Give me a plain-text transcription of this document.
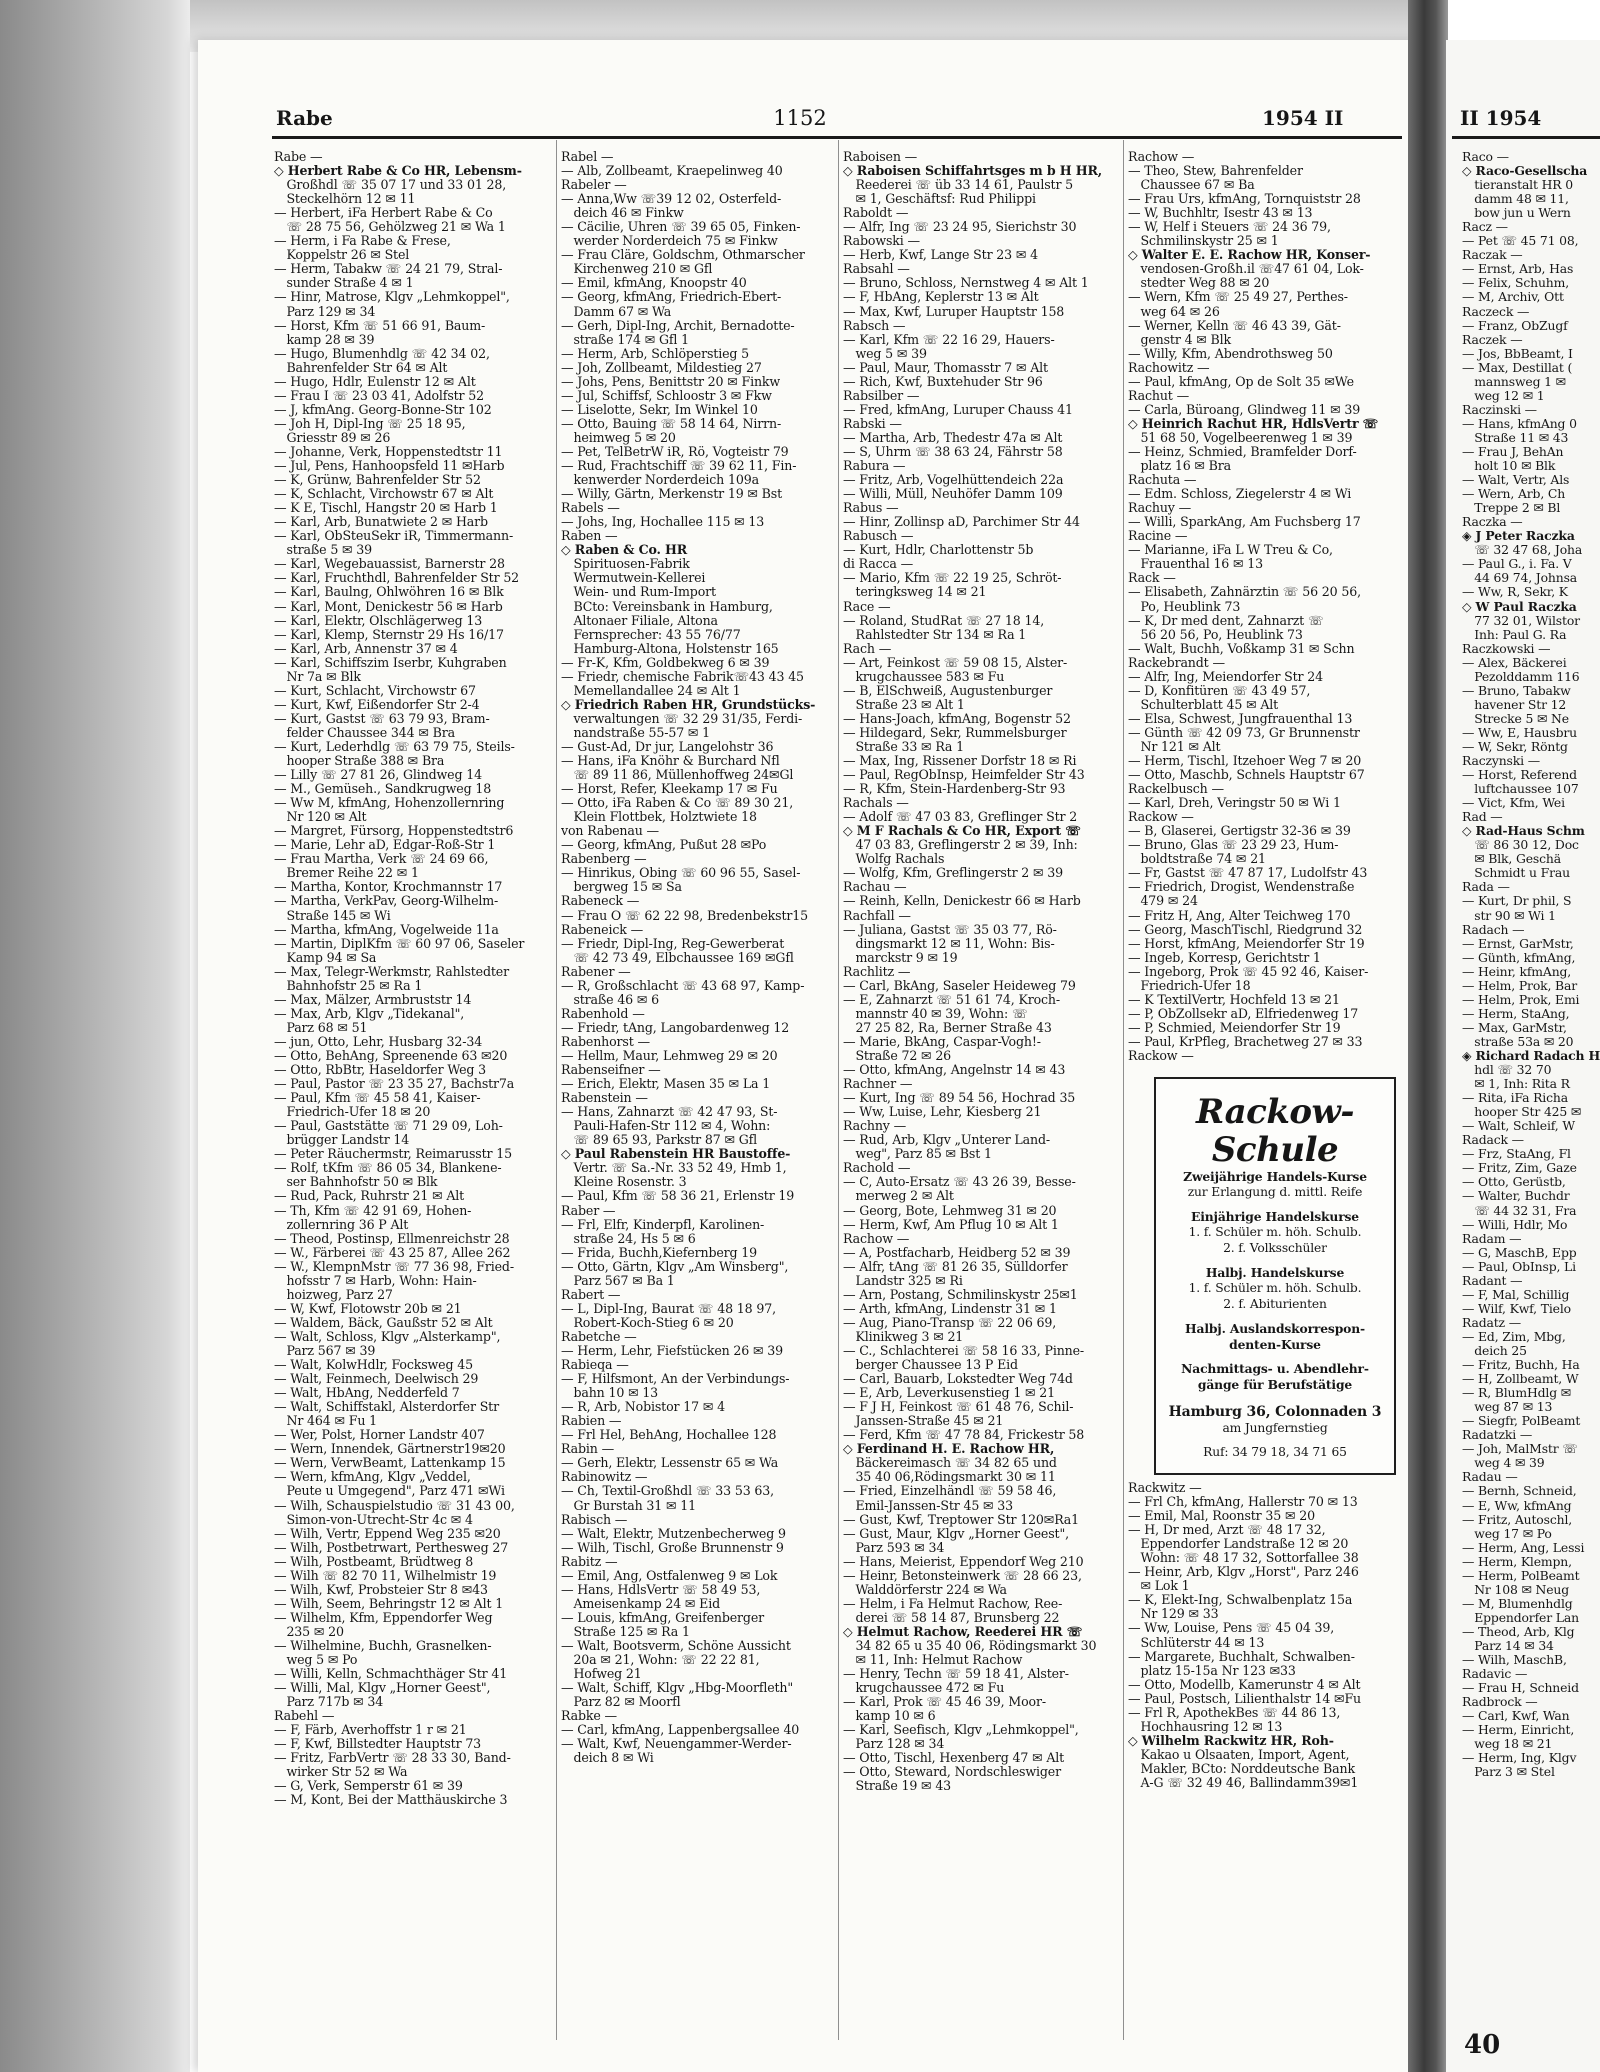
Rabe	1152	1954 II	II 1954
Rabe —
◇ Herbert Rabe & Co HR, Lebensm-
 Großhdl ☏ 35 07 17 und 33 01 28,
 Steckelhörn 12 ✉ 11
— Herbert, iFa Herbert Rabe & Co
 ☏ 28 75 56, Gehölzweg 21 ✉ Wa 1
— Herm, i Fa Rabe & Frese,
 Koppelstr 26 ✉ Stel
— Herm, Tabakw ☏ 24 21 79, Stral-
 sunder Straße 4 ✉ 1
— Hinr, Matrose, Klgv „Lehmkoppel",
 Parz 129 ✉ 34
— Horst, Kfm ☏ 51 66 91, Baum-
 kamp 28 ✉ 39
— Hugo, Blumenhdlg ☏ 42 34 02,
 Bahrenfelder Str 64 ✉ Alt
— Hugo, Hdlr, Eulenstr 12 ✉ Alt
— Frau I ☏ 23 03 41, Adolfstr 52
— J, kfmAng. Georg-Bonne-Str 102
— Joh H, Dipl-Ing ☏ 25 18 95,
 Griesstr 89 ✉ 26
— Johanne, Verk, Hoppenstedtstr 11
— Jul, Pens, Hanhoopsfeld 11 ✉Harb
— K, Grünw, Bahrenfelder Str 52
— K, Schlacht, Virchowstr 67 ✉ Alt
— K E, Tischl, Hangstr 20 ✉ Harb 1
— Karl, Arb, Bunatwiete 2 ✉ Harb
— Karl, ObSteuSekr iR, Timmermann-
 straße 5 ✉ 39
— Karl, Wegebauassist, Barnerstr 28
— Karl, Fruchthdl, Bahrenfelder Str 52
— Karl, Baulng, Ohlwöhren 16 ✉ Blk
— Karl, Mont, Denickestr 56 ✉ Harb
— Karl, Elektr, Olschlägerweg 13
— Karl, Klemp, Sternstr 29 Hs 16/17
— Karl, Arb, Annenstr 37 ✉ 4
— Karl, Schiffszim Iserbr, Kuhgraben
 Nr 7a ✉ Blk
— Kurt, Schlacht, Virchowstr 67
— Kurt, Kwf, Eißendorfer Str 2-4
— Kurt, Gastst ☏ 63 79 93, Bram-
 felder Chaussee 344 ✉ Bra
— Kurt, Lederhdlg ☏ 63 79 75, Steils-
 hooper Straße 388 ✉ Bra
— Lilly ☏ 27 81 26, Glindweg 14
— M., Gemüseh., Sandkrugweg 18
— Ww M, kfmAng, Hohenzollernring
 Nr 120 ✉ Alt
— Margret, Fürsorg, Hoppenstedtstr6
— Marie, Lehr aD, Edgar-Roß-Str 1
— Frau Martha, Verk ☏ 24 69 66,
 Bremer Reihe 22 ✉ 1
— Martha, Kontor, Krochmannstr 17
— Martha, VerkPav, Georg-Wilhelm-
 Straße 145 ✉ Wi
— Martha, kfmAng, Vogelweide 11a
— Martin, DiplKfm ☏ 60 97 06, Saseler
 Kamp 94 ✉ Sa
— Max, Telegr-Werkmstr, Rahlstedter
 Bahnhofstr 25 ✉ Ra 1
— Max, Mälzer, Armbruststr 14
— Max, Arb, Klgv „Tidekanal",
 Parz 68 ✉ 51
— jun, Otto, Lehr, Husbarg 32-34
— Otto, BehAng, Spreenende 63 ✉20
— Otto, RbBtr, Haseldorfer Weg 3
— Paul, Pastor ☏ 23 35 27, Bachstr7a
— Paul, Kfm ☏ 45 58 41, Kaiser-
 Friedrich-Ufer 18 ✉ 20
— Paul, Gaststätte ☏ 71 29 09, Loh-
 brügger Landstr 14
— Peter Räuchermstr, Reimarusstr 15
— Rolf, tKfm ☏ 86 05 34, Blankene-
 ser Bahnhofstr 50 ✉ Blk
— Rud, Pack, Ruhrstr 21 ✉ Alt
— Th, Kfm ☏ 42 91 69, Hohen-
 zollernring 36 P Alt
— Theod, Postinsp, Ellmenreichstr 28
— W., Färberei ☏ 43 25 87, Allee 262
— W., KlempnMstr ☏ 77 36 98, Fried-
 hofsstr 7 ✉ Harb, Wohn: Hain-
 hoizweg, Parz 27
— W, Kwf, Flotowstr 20b ✉ 21
— Waldem, Bäck, Gaußstr 52 ✉ Alt
— Walt, Schloss, Klgv „Alsterkamp",
 Parz 567 ✉ 39
— Walt, KolwHdlr, Focksweg 45
— Walt, Feinmech, Deelwisch 29
— Walt, HbAng, Nedderfeld 7
— Walt, Schiffstakl, Alsterdorfer Str
 Nr 464 ✉ Fu 1
— Wer, Polst, Horner Landstr 407
— Wern, Innendek, Gärtnerstr19✉20
— Wern, VerwBeamt, Lattenkamp 15
— Wern, kfmAng, Klgv „Veddel,
 Peute u Umgegend", Parz 471 ✉Wi
— Wilh, Schauspielstudio ☏ 31 43 00,
 Simon-von-Utrecht-Str 4c ✉ 4
— Wilh, Vertr, Eppend Weg 235 ✉20
— Wilh, Postbetrwart, Perthesweg 27
— Wilh, Postbeamt, Brüdtweg 8
— Wilh ☏ 82 70 11, Wilhelmistr 19
— Wilh, Kwf, Probsteier Str 8 ✉43
— Wilh, Seem, Behringstr 12 ✉ Alt 1
— Wilhelm, Kfm, Eppendorfer Weg
 235 ✉ 20
— Wilhelmine, Buchh, Grasnelken-
 weg 5 ✉ Po
— Willi, Kelln, Schmachthäger Str 41
— Willi, Mal, Klgv „Horner Geest",
 Parz 717b ✉ 34
Rabehl —
— F, Färb, Averhoffstr 1 r ✉ 21
— F, Kwf, Billstedter Hauptstr 73
— Fritz, FarbVertr ☏ 28 33 30, Band-
 wirker Str 52 ✉ Wa
— G, Verk, Semperstr 61 ✉ 39
— M, Kont, Bei der Matthäuskirche 3
Rabel —
— Alb, Zollbeamt, Kraepelinweg 40
Rabeler —
— Anna,Ww ☏39 12 02, Osterfeld-
 deich 46 ✉ Finkw
— Cäcilie, Uhren ☏ 39 65 05, Finken-
 werder Norderdeich 75 ✉ Finkw
— Frau Cläre, Goldschm, Othmarscher
 Kirchenweg 210 ✉ Gfl
— Emil, kfmAng, Knoopstr 40
— Georg, kfmAng, Friedrich-Ebert-
 Damm 67 ✉ Wa
— Gerh, Dipl-Ing, Archit, Bernadotte-
 straße 174 ✉ Gfl 1
— Herm, Arb, Schlöperstieg 5
— Joh, Zollbeamt, Mildestieg 27
— Johs, Pens, Benittstr 20 ✉ Finkw
— Jul, Schiffsf, Schloostr 3 ✉ Fkw
— Liselotte, Sekr, Im Winkel 10
— Otto, Bauing ☏ 58 14 64, Nirrn-
 heimweg 5 ✉ 20
— Pet, TelBetrW iR, Rö, Vogteistr 79
— Rud, Frachtschiff ☏ 39 62 11, Fin-
 kenwerder Norderdeich 109a
— Willy, Gärtn, Merkenstr 19 ✉ Bst
Rabels —
— Johs, Ing, Hochallee 115 ✉ 13
Raben —
◇ Raben & Co. HR
 Spirituosen-Fabrik
 Wermutwein-Kellerei
 Wein- und Rum-Import
 BCto: Vereinsbank in Hamburg,
 Altonaer Filiale, Altona
 Fernsprecher: 43 55 76/77
 Hamburg-Altona, Holstenstr 165
— Fr-K, Kfm, Goldbekweg 6 ✉ 39
— Friedr, chemische Fabrik☏43 43 45
 Memellandallee 24 ✉ Alt 1
◇ Friedrich Raben HR, Grundstücks-
 verwaltungen ☏ 32 29 31/35, Ferdi-
 nandstraße 55-57 ✉ 1
— Gust-Ad, Dr jur, Langelohstr 36
— Hans, iFa Knöhr & Burchard Nfl
 ☏ 89 11 86, Müllenhoffweg 24✉Gl
— Horst, Refer, Kleekamp 17 ✉ Fu
— Otto, iFa Raben & Co ☏ 89 30 21,
 Klein Flottbek, Holztwiete 18
von Rabenau —
— Georg, kfmAng, Pußut 28 ✉Po
Rabenberg —
— Hinrikus, Obing ☏ 60 96 55, Sasel-
 bergweg 15 ✉ Sa
Rabeneck —
— Frau O ☏ 62 22 98, Bredenbekstr15
Rabeneick —
— Friedr, Dipl-Ing, Reg-Gewerberat
 ☏ 42 73 49, Elbchaussee 169 ✉Gfl
Rabener —
— R, Großschlacht ☏ 43 68 97, Kamp-
 straße 46 ✉ 6
Rabenhold —
— Friedr, tAng, Langobardenweg 12
Rabenhorst —
— Hellm, Maur, Lehmweg 29 ✉ 20
Rabenseifner —
— Erich, Elektr, Masen 35 ✉ La 1
Rabenstein —
— Hans, Zahnarzt ☏ 42 47 93, St-
 Pauli-Hafen-Str 112 ✉ 4, Wohn:
 ☏ 89 65 93, Parkstr 87 ✉ Gfl
◇ Paul Rabenstein HR Baustoffe-
 Vertr. ☏ Sa.-Nr. 33 52 49, Hmb 1,
 Kleine Rosenstr. 3
— Paul, Kfm ☏ 58 36 21, Erlenstr 19
Raber —
— Frl, Elfr, Kinderpfl, Karolinen-
 straße 24, Hs 5 ✉ 6
— Frida, Buchh,Kiefernberg 19
— Otto, Gärtn, Klgv „Am Winsberg",
 Parz 567 ✉ Ba 1
Rabert —
— L, Dipl-Ing, Baurat ☏ 48 18 97,
 Robert-Koch-Stieg 6 ✉ 20
Rabetche —
— Herm, Lehr, Fiefstücken 26 ✉ 39
Rabieqa —
— F, Hilfsmont, An der Verbindungs-
 bahn 10 ✉ 13
— R, Arb, Nobistor 17 ✉ 4
Rabien —
— Frl Hel, BehAng, Hochallee 128
Rabin —
— Gerh, Elektr, Lessenstr 65 ✉ Wa
Rabinowitz —
— Ch, Textil-Großhdl ☏ 33 53 63,
 Gr Burstah 31 ✉ 11
Rabisch —
— Walt, Elektr, Mutzenbecherweg 9
— Wilh, Tischl, Große Brunnenstr 9
Rabitz —
— Emil, Ang, Ostfalenweg 9 ✉ Lok
— Hans, HdlsVertr ☏ 58 49 53,
 Ameisenkamp 24 ✉ Eid
— Louis, kfmAng, Greifenberger
 Straße 125 ✉ Ra 1
— Walt, Bootsverm, Schöne Aussicht
 20a ✉ 21, Wohn: ☏ 22 22 81,
 Hofweg 21
— Walt, Schiff, Klgv „Hbg-Moorfleth"
 Parz 82 ✉ Moorfl
Rabke —
— Carl, kfmAng, Lappenbergsallee 40
— Walt, Kwf, Neuengammer-Werder-
 deich 8 ✉ Wi
Raboisen —
◇ Raboisen Schiffahrtsges m b H HR,
 Reederei ☏ üb 33 14 61, Paulstr 5
 ✉ 1, Geschäftsf: Rud Philippi
Raboldt —
— Alfr, Ing ☏ 23 24 95, Sierichstr 30
Rabowski —
— Herb, Kwf, Lange Str 23 ✉ 4
Rabsahl —
— Bruno, Schloss, Nernstweg 4 ✉ Alt 1
— F, HbAng, Keplerstr 13 ✉ Alt
— Max, Kwf, Luruper Hauptstr 158
Rabsch —
— Karl, Kfm ☏ 22 16 29, Hauers-
 weg 5 ✉ 39
— Paul, Maur, Thomasstr 7 ✉ Alt
— Rich, Kwf, Buxtehuder Str 96
Rabsilber —
— Fred, kfmAng, Luruper Chauss 41
Rabski —
— Martha, Arb, Thedestr 47a ✉ Alt
— S, Uhrm ☏ 38 63 24, Fährstr 58
Rabura —
— Fritz, Arb, Vogelhüttendeich 22a
— Willi, Müll, Neuhöfer Damm 109
Rabus —
— Hinr, Zollinsp aD, Parchimer Str 44
Rabusch —
— Kurt, Hdlr, Charlottenstr 5b
di Racca —
— Mario, Kfm ☏ 22 19 25, Schröt-
 teringksweg 14 ✉ 21
Race —
— Roland, StudRat ☏ 27 18 14,
 Rahlstedter Str 134 ✉ Ra 1
Rach —
— Art, Feinkost ☏ 59 08 15, Alster-
 krugchaussee 583 ✉ Fu
— B, ElSchweiß, Augustenburger
 Straße 23 ✉ Alt 1
— Hans-Joach, kfmAng, Bogenstr 52
— Hildegard, Sekr, Rummelsburger
 Straße 33 ✉ Ra 1
— Max, Ing, Rissener Dorfstr 18 ✉ Ri
— Paul, RegObInsp, Heimfelder Str 43
— R, Kfm, Stein-Hardenberg-Str 93
Rachals —
— Adolf ☏ 47 03 83, Greflinger Str 2
◇ M F Rachals & Co HR, Export ☏
 47 03 83, Greflingerstr 2 ✉ 39, Inh:
 Wolfg Rachals
— Wolfg, Kfm, Greflingerstr 2 ✉ 39
Rachau —
— Reinh, Kelln, Denickestr 66 ✉ Harb
Rachfall —
— Juliana, Gastst ☏ 35 03 77, Rö-
 dingsmarkt 12 ✉ 11, Wohn: Bis-
 marckstr 9 ✉ 19
Rachlitz —
— Carl, BkAng, Saseler Heideweg 79
— E, Zahnarzt ☏ 51 61 74, Kroch-
 mannstr 40 ✉ 39, Wohn: ☏
 27 25 82, Ra, Berner Straße 43
— Marie, BkAng, Caspar-Vogh!-
 Straße 72 ✉ 26
— Otto, kfmAng, Angelnstr 14 ✉ 43
Rachner —
— Kurt, Ing ☏ 89 54 56, Hochrad 35
— Ww, Luise, Lehr, Kiesberg 21
Rachny —
— Rud, Arb, Klgv „Unterer Land-
 weg", Parz 85 ✉ Bst 1
Rachold —
— C, Auto-Ersatz ☏ 43 26 39, Besse-
 merweg 2 ✉ Alt
— Georg, Bote, Lehmweg 31 ✉ 20
— Herm, Kwf, Am Pflug 10 ✉ Alt 1
Rachow —
— A, Postfacharb, Heidberg 52 ✉ 39
— Alfr, tAng ☏ 81 26 35, Sülldorfer
 Landstr 325 ✉ Ri
— Arn, Postang, Schmilinskystr 25✉1
— Arth, kfmAng, Lindenstr 31 ✉ 1
— Aug, Piano-Transp ☏ 22 06 69,
 Klinikweg 3 ✉ 21
— C., Schlachterei ☏ 58 16 33, Pinne-
 berger Chaussee 13 P Eid
— Carl, Bauarb, Lokstedter Weg 74d
— E, Arb, Leverkusenstieg 1 ✉ 21
— F J H, Feinkost ☏ 61 48 76, Schil-
 Janssen-Straße 45 ✉ 21
— Ferd, Kfm ☏ 47 78 84, Frickestr 58
◇ Ferdinand H. E. Rachow HR,
 Bäckereimasch ☏ 34 82 65 und
 35 40 06,Rödingsmarkt 30 ✉ 11
— Fried, Einzelhändl ☏ 59 58 46,
 Emil-Janssen-Str 45 ✉ 33
— Gust, Kwf, Treptower Str 120✉Ra1
— Gust, Maur, Klgv „Horner Geest",
 Parz 593 ✉ 34
— Hans, Meierist, Eppendorf Weg 210
— Heinr, Betonsteinwerk ☏ 28 66 23,
 Walddörferstr 224 ✉ Wa
— Helm, i Fa Helmut Rachow, Ree-
 derei ☏ 58 14 87, Brunsberg 22
◇ Helmut Rachow, Reederei HR ☏
 34 82 65 u 35 40 06, Rödingsmarkt 30
 ✉ 11, Inh: Helmut Rachow
— Henry, Techn ☏ 59 18 41, Alster-
 krugchaussee 472 ✉ Fu
— Karl, Prok ☏ 45 46 39, Moor-
 kamp 10 ✉ 6
— Karl, Seefisch, Klgv „Lehmkoppel",
 Parz 128 ✉ 34
— Otto, Tischl, Hexenberg 47 ✉ Alt
— Otto, Steward, Nordschleswiger
 Straße 19 ✉ 43
Rachow —
— Theo, Stew, Bahrenfelder
 Chaussee 67 ✉ Ba
— Frau Urs, kfmAng, Tornquiststr 28
— W, Buchhltr, Isestr 43 ✉ 13
— W, Helf i Steuers ☏ 24 36 79,
 Schmilinskystr 25 ✉ 1
◇ Walter E. E. Rachow HR, Konser-
 vendosen-Großh.il ☏47 61 04, Lok-
 stedter Weg 88 ✉ 20
— Wern, Kfm ☏ 25 49 27, Perthes-
 weg 64 ✉ 26
— Werner, Kelln ☏ 46 43 39, Gät-
 genstr 4 ✉ Blk
— Willy, Kfm, Abendrothsweg 50
Rachowitz —
— Paul, kfmAng, Op de Solt 35 ✉We
Rachut —
— Carla, Büroang, Glindweg 11 ✉ 39
◇ Heinrich Rachut HR, HdlsVertr ☏
 51 68 50, Vogelbeerenweg 1 ✉ 39
— Heinz, Schmied, Bramfelder Dorf-
 platz 16 ✉ Bra
Rachuta —
— Edm. Schloss, Ziegelerstr 4 ✉ Wi
Rachuy —
— Willi, SparkAng, Am Fuchsberg 17
Racine —
— Marianne, iFa L W Treu & Co,
 Frauenthal 16 ✉ 13
Rack —
— Elisabeth, Zahnärztin ☏ 56 20 56,
 Po, Heublink 73
— K, Dr med dent, Zahnarzt ☏
 56 20 56, Po, Heublink 73
— Walt, Buchh, Voßkamp 31 ✉ Schn
Rackebrandt —
— Alfr, Ing, Meiendorfer Str 24
— D, Konfitüren ☏ 43 49 57,
 Schulterblatt 45 ✉ Alt
— Elsa, Schwest, Jungfrauenthal 13
— Günth ☏ 42 09 73, Gr Brunnenstr
 Nr 121 ✉ Alt
— Herm, Tischl, Itzehoer Weg 7 ✉ 20
— Otto, Maschb, Schnels Hauptstr 67
Rackelbusch —
— Karl, Dreh, Veringstr 50 ✉ Wi 1
Rackow —
— B, Glaserei, Gertigstr 32-36 ✉ 39
— Bruno, Glas ☏ 23 29 23, Hum-
 boldtstraße 74 ✉ 21
— Fr, Gastst ☏ 47 87 17, Ludolfstr 43
— Friedrich, Drogist, Wendenstraße
 479 ✉ 24
— Fritz H, Ang, Alter Teichweg 170
— Georg, MaschTischl, Riedgrund 32
— Horst, kfmAng, Meiendorfer Str 19
— Ingeb, Korresp, Gerichtstr 1
— Ingeborg, Prok ☏ 45 92 46, Kaiser-
 Friedrich-Ufer 18
— K TextilVertr, Hochfeld 13 ✉ 21
— P, ObZollsekr aD, Elfriedenweg 17
— P, Schmied, Meiendorfer Str 19
— Paul, KrPfleg, Brachetweg 27 ✉ 33
Rackow —
Rackow-
Schule
Zweijährige Handels-Kurse
zur Erlangung d. mittl. Reife
Einjährige Handelskurse
1. f. Schüler m. höh. Schulb.
2. f. Volksschüler
Halbj. Handelskurse
1. f. Schüler m. höh. Schulb.
2. f. Abiturienten
Halbj. Auslandskorrespon-
denten-Kurse
Nachmittags- u. Abendlehr-
gänge für Berufstätige
Hamburg 36, Colonnaden 3
am Jungfernstieg
Ruf: 34 79 18, 34 71 65
Rackwitz —
— Frl Ch, kfmAng, Hallerstr 70 ✉ 13
— Emil, Mal, Roonstr 35 ✉ 20
— H, Dr med, Arzt ☏ 48 17 32,
 Eppendorfer Landstraße 12 ✉ 20
 Wohn: ☏ 48 17 32, Sottorfallee 38
— Heinr, Arb, Klgv „Horst", Parz 246
 ✉ Lok 1
— K, Elekt-Ing, Schwalbenplatz 15a
 Nr 129 ✉ 33
— Ww, Louise, Pens ☏ 45 04 39,
 Schlüterstr 44 ✉ 13
— Margarete, Buchhalt, Schwalben-
 platz 15-15a Nr 123 ✉33
— Otto, Modellb, Kamerunstr 4 ✉ Alt
— Paul, Postsch, Lilienthalstr 14 ✉Fu
— Frl R, ApothekBes ☏ 44 86 13,
 Hochhausring 12 ✉ 13
◇ Wilhelm Rackwitz HR, Roh-
 Kakao u Olsaaten, Import, Agent,
 Makler, BCto: Norddeutsche Bank
 A-G ☏ 32 49 46, Ballindamm39✉1
Raco —
◇ Raco-Gesellscha
 tieranstalt HR 0
 damm 48 ✉ 11,
 bow jun u Wern
Racz —
— Pet ☏ 45 71 08,
Raczak —
— Ernst, Arb, Has
— Felix, Schuhm,
— M, Archiv, Ott
Raczeck —
— Franz, ObZugf
Raczek —
— Jos, BbBeamt, I
— Max, Destillat (
 mannsweg 1 ✉
 weg 12 ✉ 1
Raczinski —
— Hans, kfmAng 0
 Straße 11 ✉ 43
— Frau J, BehAn
 holt 10 ✉ Blk
— Walt, Vertr, Als
— Wern, Arb, Ch
 Treppe 2 ✉ Bl
Raczka —
◈ J Peter Raczka
 ☏ 32 47 68, Joha
— Paul G., i. Fa. V
 44 69 74, Johnsa
— Ww, R, Sekr, K
◇ W Paul Raczka
 77 32 01, Wilstor
 Inh: Paul G. Ra
Raczkowski —
— Alex, Bäckerei
 Pezolddamm 116
— Bruno, Tabakw
 havener Str 12
 Strecke 5 ✉ Ne
— Ww, E, Hausbru
— W, Sekr, Röntg
Raczynski —
— Horst, Referend
 luftchaussee 107
— Vict, Kfm, Wei
Rad —
◇ Rad-Haus Schm
 ☏ 86 30 12, Doc
 ✉ Blk, Geschä
 Schmidt u Frau
Rada —
— Kurt, Dr phil, S
 str 90 ✉ Wi 1
Radach —
— Ernst, GarMstr,
— Günth, kfmAng,
— Heinr, kfmAng,
— Helm, Prok, Bar
— Helm, Prok, Emi
— Herm, StaAng,
— Max, GarMstr,
 straße 53a ✉ 20
◈ Richard Radach H
 hdl ☏ 32 70
 ✉ 1, Inh: Rita R
— Rita, iFa Richa
 hooper Str 425 ✉
— Walt, Schleif, W
Radack —
— Frz, StaAng, Fl
— Fritz, Zim, Gaze
— Otto, Gerüstb,
— Walter, Buchdr
 ☏ 44 32 31, Fra
— Willi, Hdlr, Mo
Radam —
— G, MaschB, Epp
— Paul, ObInsp, Li
Radant —
— F, Mal, Schillig
— Wilf, Kwf, Tielo
Radatz —
— Ed, Zim, Mbg,
 deich 25
— Fritz, Buchh, Ha
— H, Zollbeamt, W
— R, BlumHdlg ✉
 weg 87 ✉ 13
— Siegfr, PolBeamt
Radatzki —
— Joh, MalMstr ☏
 weg 4 ✉ 39
Radau —
— Bernh, Schneid,
— E, Ww, kfmAng
— Fritz, Autoschl,
 weg 17 ✉ Po
— Herm, Ang, Lessi
— Herm, Klempn,
— Herm, PolBeamt
 Nr 108 ✉ Neug
— M, Blumenhdlg
 Eppendorfer Lan
— Theod, Arb, Klg
 Parz 14 ✉ 34
— Wilh, MaschB,
Radavic —
— Frau H, Schneid
Radbrock —
— Carl, Kwf, Wan
— Herm, Einricht,
 weg 18 ✉ 21
— Herm, Ing, Klgv
 Parz 3 ✉ Stel
40
